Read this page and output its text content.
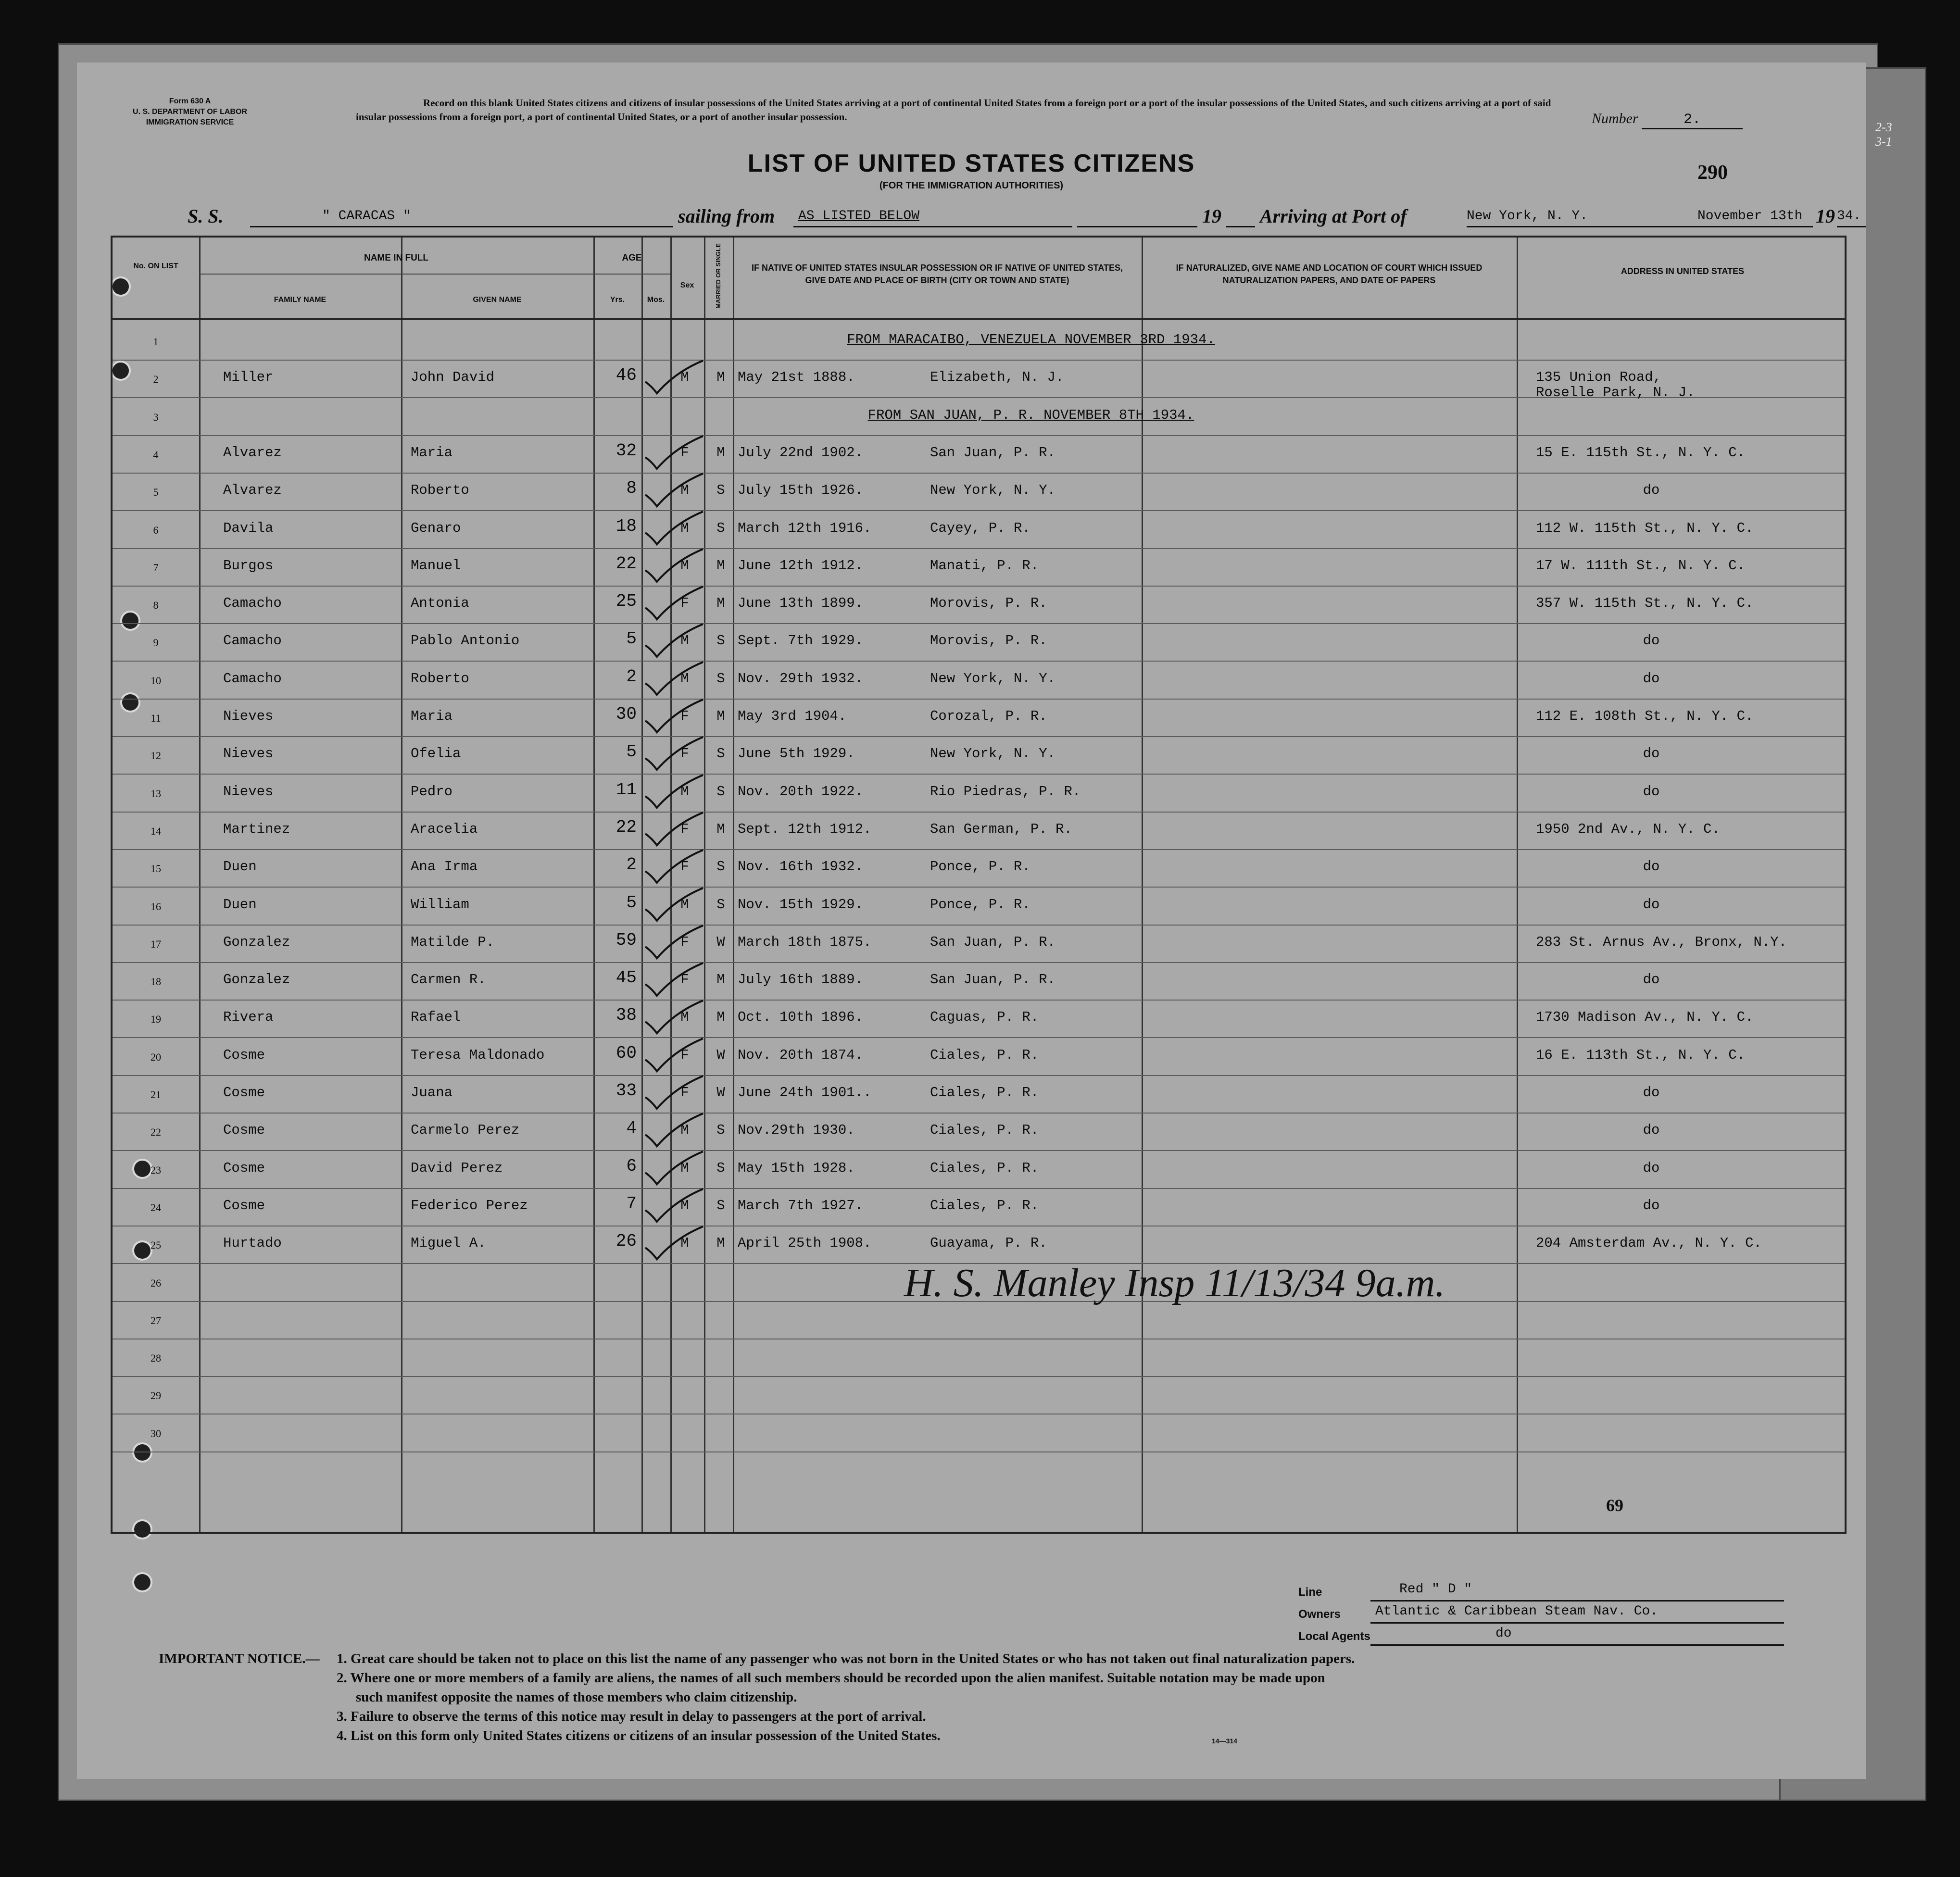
Form 630 A
U. S. DEPARTMENT OF LABOR
IMMIGRATION SERVICE
Record on this blank United States citizens and citizens of insular possessions of the United States arriving at a port of continental United States from a foreign port or a port of the insular possessions of the United States, and such citizens arriving at a port of said insular possessions from a foreign port, a port of continental United States, or a port of another insular possession.	Number	2.
LIST OF UNITED STATES CITIZENS
(FOR THE IMMIGRATION AUTHORITIES)
290
S. S.	" CARACAS "	sailing from	AS LISTED BELOW	19 Arriving at Port of	New York, N. Y.	November 13th 19 34.
No. ON LIST
NAME IN FULL
FAMILY NAME	GIVEN NAME
AGE
Yrs.	Mos.
Sex	MARRIED OR SINGLE	IF NATIVE OF UNITED STATES INSULAR POSSESSION OR IF NATIVE OF UNITED STATES, GIVE DATE AND PLACE OF BIRTH (CITY OR TOWN AND STATE)
IF NATURALIZED, GIVE NAME AND LOCATION OF COURT WHICH ISSUED NATURALIZATION PAPERS, AND DATE OF PAPERS
ADDRESS IN UNITED STATES
1	FROM MARACAIBO, VENEZUELA NOVEMBER 3RD 1934.
2	Miller	John David	46	M	M May 21st 1888.	Elizabeth, N. J.	135 Union Road,
Roselle Park, N. J.
3	FROM SAN JUAN, P. R. NOVEMBER 8TH 1934.
4	Alvarez	Maria	32	F	M July 22nd 1902.	San Juan, P. R.	15 E. 115th St., N. Y. C.
5	Alvarez	Roberto	8	M	S July 15th 1926.	New York, N. Y.	do
6	Davila	Genaro	18	M	S March 12th 1916.	Cayey, P. R.	112 W. 115th St., N. Y. C.
7	Burgos	Manuel	22	M	M June 12th 1912.	Manati, P. R.	17 W. 111th St., N. Y. C.
8	Camacho	Antonia	25	F	M June 13th 1899.	Morovis, P. R.	357 W. 115th St., N. Y. C.
9	Camacho	Pablo Antonio	5	M	S Sept. 7th 1929.	Morovis, P. R.	do
10	Camacho	Roberto	2	M	S Nov. 29th 1932.	New York, N. Y.	do
11	Nieves	Maria	30	F	M May 3rd 1904.	Corozal, P. R.	112 E. 108th St., N. Y. C.
12	Nieves	Ofelia	5	F	S June 5th 1929.	New York, N. Y.	do
13	Nieves	Pedro	11	M	S Nov. 20th 1922.	Rio Piedras, P. R.	do
14	Martinez	Aracelia	22	F	M Sept. 12th 1912.	San German, P. R.	1950 2nd Av., N. Y. C.
15	Duen	Ana Irma	2	F	S Nov. 16th 1932.	Ponce, P. R.	do
16	Duen	William	5	M	S Nov. 15th 1929.	Ponce, P. R.	do
17	Gonzalez	Matilde P.	59	F	W March 18th 1875.	San Juan, P. R.	283 St. Arnus Av., Bronx, N.Y.
18	Gonzalez	Carmen R.	45	F	M July 16th 1889.	San Juan, P. R.	do
19	Rivera	Rafael	38	M	M Oct. 10th 1896.	Caguas, P. R.	1730 Madison Av., N. Y. C.
20	Cosme	Teresa Maldonado	60	F	W Nov. 20th 1874.	Ciales, P. R.	16 E. 113th St., N. Y. C.
21	Cosme	Juana	33	F	W June 24th 1901..	Ciales, P. R.	do
22	Cosme	Carmelo Perez	4	M	S Nov.29th 1930.	Ciales, P. R.	do
23	Cosme	David Perez	6	M	S May 15th 1928.	Ciales, P. R.	do
24	Cosme	Federico Perez	7	M	S March 7th 1927.	Ciales, P. R.	do
25	Hurtado	Miguel A.	26	M	M April 25th 1908.	Guayama, P. R.	204 Amsterdam Av., N. Y. C.
26
27
28
29
30
H. S. Manley Insp 11/13/34 9a.m.
69
Line	Red " D "
Owners	Atlantic & Caribbean Steam Nav. Co.
Local Agents	do
IMPORTANT NOTICE.— 1. Great care should be taken not to place on this list the name of any passenger who was not born in the United States or who has not taken out final naturalization papers.
2. Where one or more members of a family are aliens, the names of all such members should be recorded upon the alien manifest. Suitable notation may be made upon
such manifest opposite the names of those members who claim citizenship.
3. Failure to observe the terms of this notice may result in delay to passengers at the port of arrival.
4. List on this form only United States citizens or citizens of an insular possession of the United States.	14—314
2-3
3-1
